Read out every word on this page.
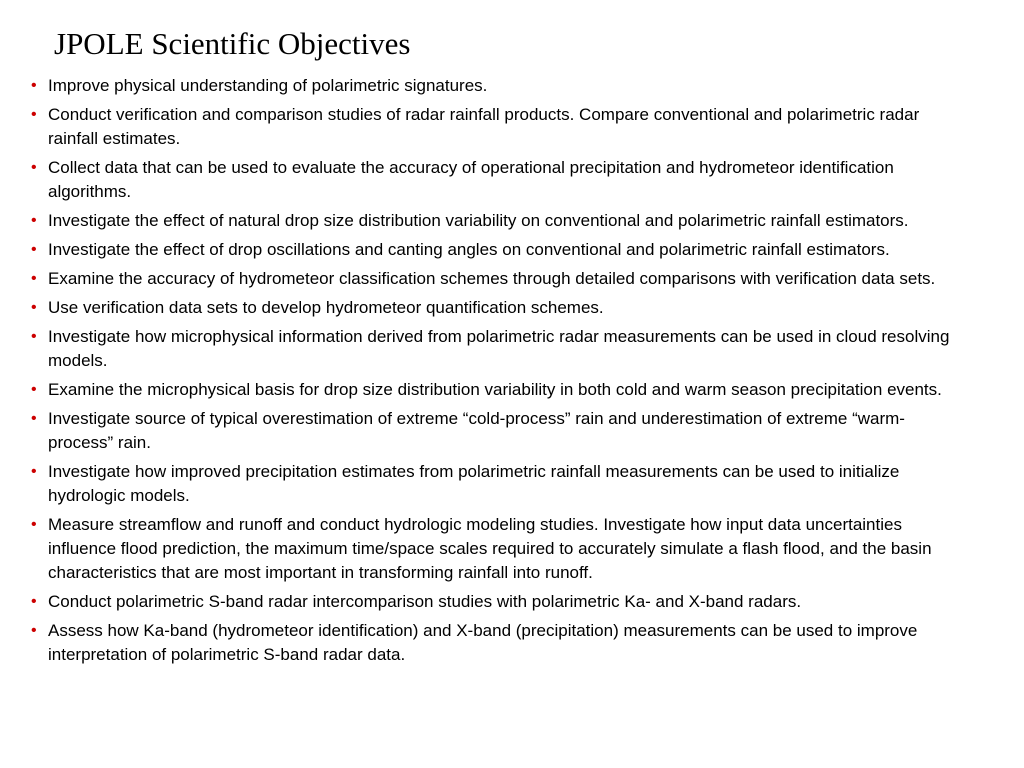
JPOLE Scientific Objectives
• Improve physical understanding of polarimetric signatures.
• Conduct verification and comparison studies of radar rainfall products. Compare conventional and polarimetric radar rainfall estimates.
• Collect data that can be used to evaluate the accuracy of operational precipitation and hydrometeor identification algorithms.
• Investigate the effect of natural drop size distribution variability on conventional and polarimetric rainfall estimators.
• Investigate the effect of drop oscillations and canting angles on conventional and polarimetric rainfall estimators.
• Examine the accuracy of hydrometeor classification schemes through detailed comparisons with verification data sets.
• Use verification data sets to develop hydrometeor quantification schemes.
• Investigate how microphysical information derived from polarimetric radar measurements can be used in cloud resolving models.
• Examine the microphysical basis for drop size distribution variability in both cold and warm season precipitation events.
• Investigate source of typical overestimation of extreme “cold-process” rain and underestimation of extreme “warm-process” rain.
• Investigate how improved precipitation estimates from polarimetric rainfall measurements can be used to initialize hydrologic models.
• Measure streamflow and runoff and conduct hydrologic modeling studies. Investigate how input data uncertainties influence flood prediction, the maximum time/space scales required to accurately simulate a flash flood, and the basin characteristics that are most important in transforming rainfall into runoff.
• Conduct polarimetric S-band radar intercomparison studies with polarimetric Ka- and X-band radars.
• Assess how Ka-band (hydrometeor identification) and X-band (precipitation) measurements can be used to improve interpretation of polarimetric S-band radar data.
